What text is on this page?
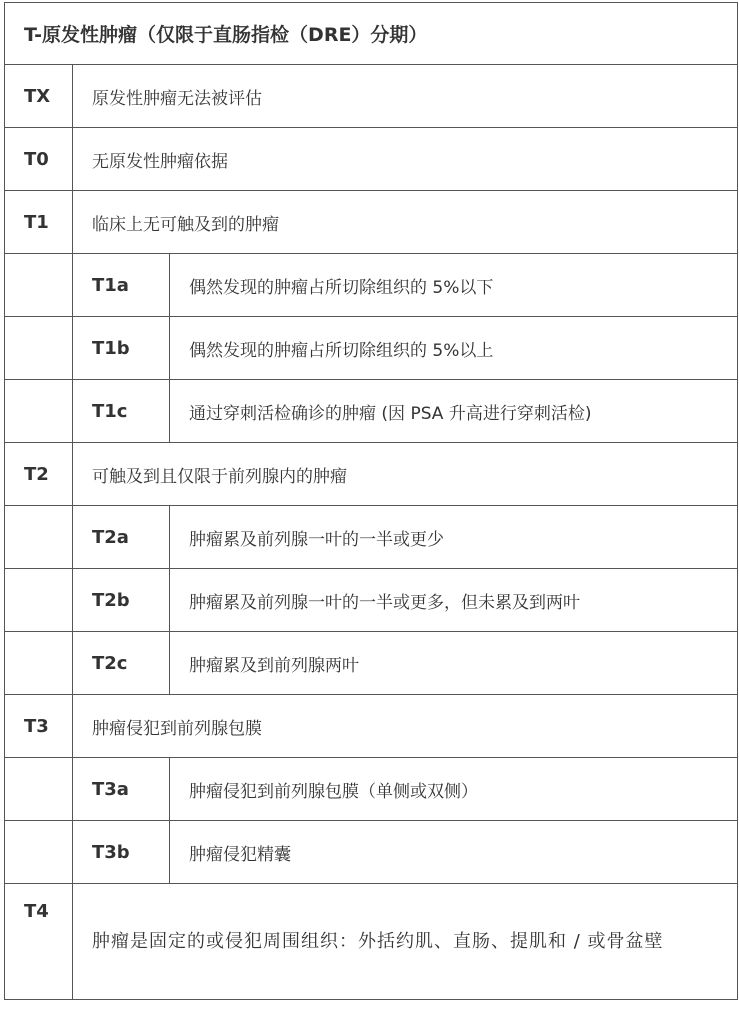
T-原发性肿瘤（仅限于直肠指检（DRE）分期）		
TX	原发性肿瘤无法被评估	
T0	无原发性肿瘤依据	
T1	临床上无可触及到的肿瘤	
	T1a	偶然发现的肿瘤占所切除组织的 5%以下
	T1b	偶然发现的肿瘤占所切除组织的 5%以上
	T1c	通过穿刺活检确诊的肿瘤 (因 PSA 升高进行穿刺活检)
T2	可触及到且仅限于前列腺内的肿瘤	
	T2a	肿瘤累及前列腺一叶的一半或更少
	T2b	肿瘤累及前列腺一叶的一半或更多，但未累及到两叶
	T2c	肿瘤累及到前列腺两叶
T3	肿瘤侵犯到前列腺包膜	
	T3a	肿瘤侵犯到前列腺包膜（单侧或双侧）
	T3b	肿瘤侵犯精囊
T4	肿瘤是固定的或侵犯周围组织：外括约肌、直肠、提肌和 / 或骨盆壁	
